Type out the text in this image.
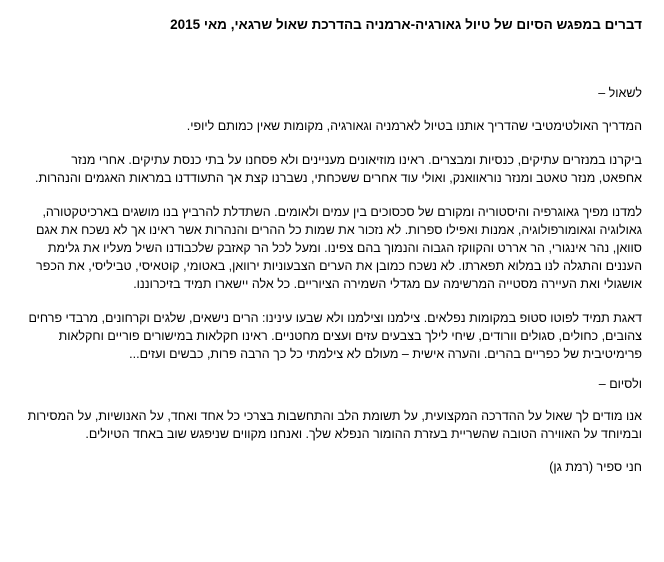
דברים במפגש הסיום של טיול גאורגיה-ארמניה בהדרכת שאול שרגאי, מאי 2015

לשאול –

המדריך האולטימטיבי שהדריך אותנו בטיול לארמניה וגאורגיה, מקומות שאין כמותם ליופי.

ביקרנו במנזרים עתיקים, כנסיות ומבצרים. ראינו מוזיאונים מעניינים ולא פסחנו על בתי כנסת עתיקים. אחרי מנזר אחפאט, מנזר טאטב ומנזר נוראוואנק, ואולי עוד אחרים ששכחתי, נשברנו קצת אך התעודדנו במראות האגמים והנהרות.

למדנו מפיך גאוגרפיה והיסטוריה ומקורם של סכסוכים בין עמים ולאומים. השתדלת להרביץ בנו מושגים בארכיטקטורה, גאולוגיה וגאומורפולוגיה, אמנות ואפילו ספרות. לא נזכור את שמות כל ההרים והנהרות אשר ראינו אך לא נשכח את אגם סוואן, נהר אינגורי, הר אררט והקווקז הגבוה והנמוך בהם צפינו. ומעל לכל הר קאזבק שלכבודנו השיל מעליו את גלימת העננים והתגלה לנו במלוא תפארתו. לא נשכח כמובן את הערים הצבעוניות ירוואן, באטומי, קוטאיסי, טביליסי, את הכפר אושגולי ואת העיירה מסטייה המרשימה עם מגדלי השמירה הציוריים. כל אלה יישארו תמיד בזיכרוננו.

דאגת תמיד לפוטו סטופ במקומות נפלאים. צילמנו וצילמנו ולא שבעו עינינו: הרים נישאים, שלגים וקרחונים, מרבדי פרחים צהובים, כחולים, סגולים וורודים, שיחי לילך בצבעים עזים ועצים מחטניים. ראינו חקלאות במישורים פוריים וחקלאות פרימיטיבית של כפריים בהרים. והערה אישית – מעולם לא צילמתי כל כך הרבה פרות, כבשים ועזים...

ולסיום –

אנו מודים לך שאול על ההדרכה המקצועית, על תשומת הלב והתחשבות בצרכי כל אחד ואחד, על האנושיות, על המסירות ובמיוחד על האווירה הטובה שהשריית בעזרת ההומור הנפלא שלך. ואנחנו מקווים שניפגש שוב באחד הטיולים.

חני ספיר (רמת גן)
